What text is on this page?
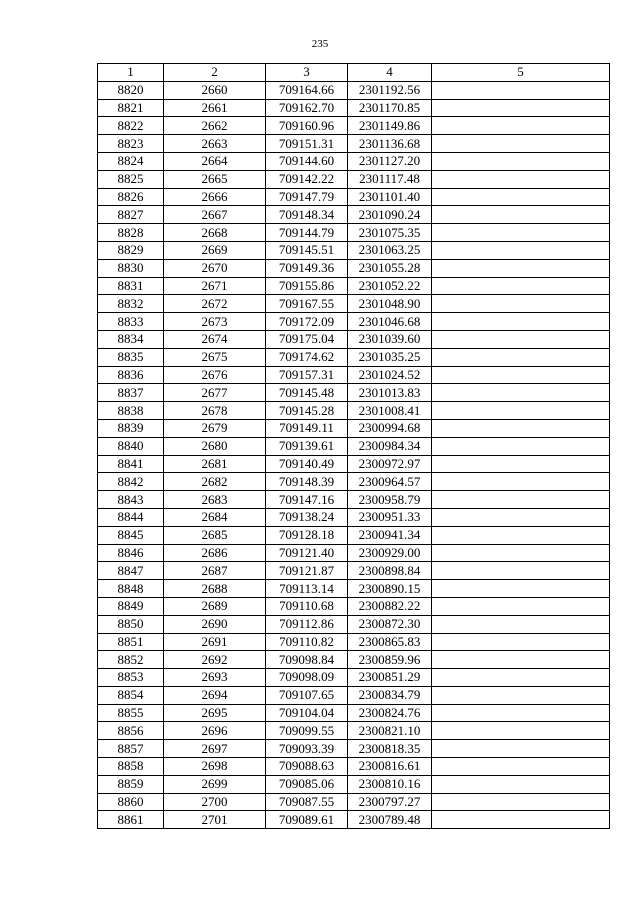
235
1	2	3	4	5
8820	2660	709164.66	2301192.56	
8821	2661	709162.70	2301170.85	
8822	2662	709160.96	2301149.86	
8823	2663	709151.31	2301136.68	
8824	2664	709144.60	2301127.20	
8825	2665	709142.22	2301117.48	
8826	2666	709147.79	2301101.40	
8827	2667	709148.34	2301090.24	
8828	2668	709144.79	2301075.35	
8829	2669	709145.51	2301063.25	
8830	2670	709149.36	2301055.28	
8831	2671	709155.86	2301052.22	
8832	2672	709167.55	2301048.90	
8833	2673	709172.09	2301046.68	
8834	2674	709175.04	2301039.60	
8835	2675	709174.62	2301035.25	
8836	2676	709157.31	2301024.52	
8837	2677	709145.48	2301013.83	
8838	2678	709145.28	2301008.41	
8839	2679	709149.11	2300994.68	
8840	2680	709139.61	2300984.34	
8841	2681	709140.49	2300972.97	
8842	2682	709148.39	2300964.57	
8843	2683	709147.16	2300958.79	
8844	2684	709138.24	2300951.33	
8845	2685	709128.18	2300941.34	
8846	2686	709121.40	2300929.00	
8847	2687	709121.87	2300898.84	
8848	2688	709113.14	2300890.15	
8849	2689	709110.68	2300882.22	
8850	2690	709112.86	2300872.30	
8851	2691	709110.82	2300865.83	
8852	2692	709098.84	2300859.96	
8853	2693	709098.09	2300851.29	
8854	2694	709107.65	2300834.79	
8855	2695	709104.04	2300824.76	
8856	2696	709099.55	2300821.10	
8857	2697	709093.39	2300818.35	
8858	2698	709088.63	2300816.61	
8859	2699	709085.06	2300810.16	
8860	2700	709087.55	2300797.27	
8861	2701	709089.61	2300789.48	
